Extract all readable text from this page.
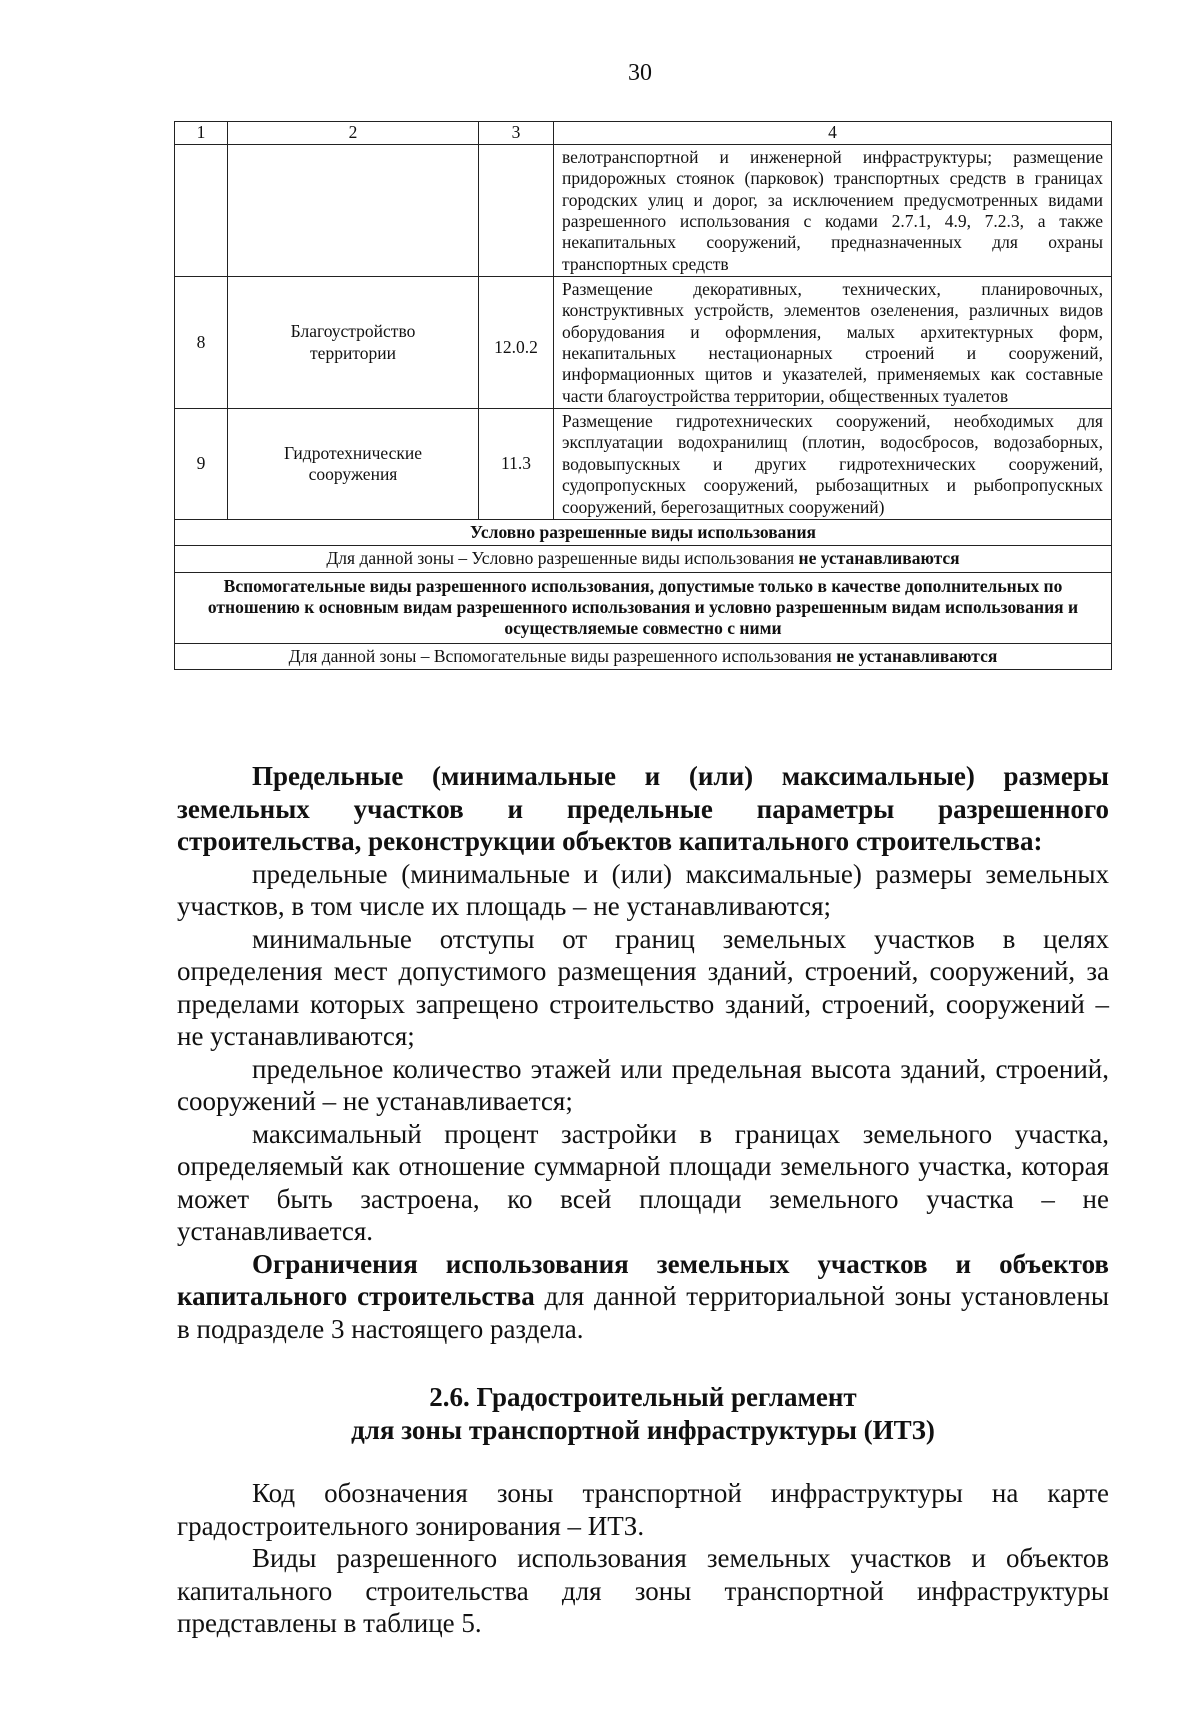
30
1	2	3	4
			велотранспортной и инженерной инфраструктуры; размещение придорожных стоянок (парковок) транспортных средств в границах городских улиц и дорог, за исключением предусмотренных видами разрешенного использования с кодами 2.7.1, 4.9, 7.2.3, а также некапитальных сооружений, предназначенных для охраны транспортных средств
8	Благоустройство территории	12.0.2	Размещение декоративных, технических, планировочных, конструктивных устройств, элементов озеленения, различных видов оборудования и оформления, малых архитектурных форм, некапитальных нестационарных строений и сооружений, информационных щитов и указателей, применяемых как составные части благоустройства территории, общественных туалетов
9	Гидротехнические сооружения	11.3	Размещение гидротехнических сооружений, необходимых для эксплуатации водохранилищ (плотин, водосбросов, водозаборных, водовыпускных и других гидротехнических сооружений, судопропускных сооружений, рыбозащитных и рыбопропускных сооружений, берегозащитных сооружений)
Условно разрешенные виды использования			
Для данной зоны – Условно разрешенные виды использования не устанавливаются			
Вспомогательные виды разрешенного использования, допустимые только в качестве дополнительных по отношению к основным видам разрешенного использования и условно разрешенным видам использования и осуществляемые совместно с ними			
Для данной зоны – Вспомогательные виды разрешенного использования не устанавливаются			

Предельные (минимальные и (или) максимальные) размеры земельных участков и предельные параметры разрешенного строительства, реконструкции объектов капитального строительства:

предельные (минимальные и (или) максимальные) размеры земельных участков, в том числе их площадь – не устанавливаются;

минимальные отступы от границ земельных участков в целях определения мест допустимого размещения зданий, строений, сооружений, за пределами которых запрещено строительство зданий, строений, сооружений – не устанавливаются;

предельное количество этажей или предельная высота зданий, строений, сооружений – не устанавливается;

максимальный процент застройки в границах земельного участка, определяемый как отношение суммарной площади земельного участка, которая может быть застроена, ко всей площади земельного участка – не устанавливается.

Ограничения использования земельных участков и объектов капитального строительства для данной территориальной зоны установлены в подразделе 3 настоящего раздела.

2.6. Градостроительный регламент
для зоны транспортной инфраструктуры (ИТЗ)

Код обозначения зоны транспортной инфраструктуры на карте градостроительного зонирования – ИТЗ.

Виды разрешенного использования земельных участков и объектов капитального строительства для зоны транспортной инфраструктуры представлены в таблице 5.
